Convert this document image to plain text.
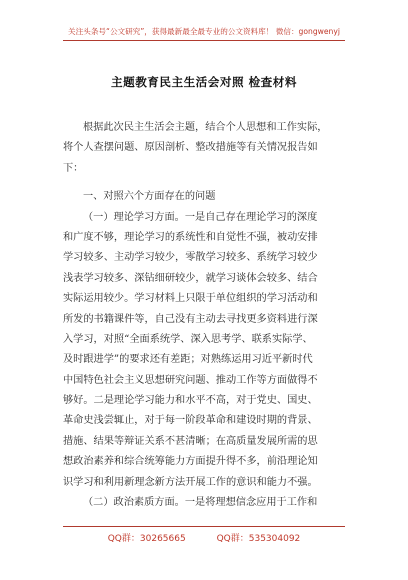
关注头条号“公文研究”，获得最新最全最专业的公文资料库！ 微信：gongwenyj
主题教育民主生活会对照 检查材料
根据此次民主生活会主题，结合个人思想和工作实际，
将个人查摆问题、原因剖析、整改措施等有关情况报告如
下：
一、对照六个方面存在的问题
（一）理论学习方面。一是自己存在理论学习的深度
和广度不够，理论学习的系统性和自觉性不强，被动安排
学习较多、主动学习较少，零散学习较多、系统学习较少
浅表学习较多、深钻细研较少，就学习谈体会较多、结合
实际运用较少。学习材料上只限于单位组织的学习活动和
所发的书籍课件等，自己没有主动去寻找更多资料进行深
入学习，对照“全面系统学、深入思考学、联系实际学、
及时跟进学”的要求还有差距；对熟练运用习近平新时代
中国特色社会主义思想研究问题、推动工作等方面做得不
够好。二是理论学习能力和水平不高，对于党史、国史、
革命史浅尝辄止，对于每一阶段革命和建设时期的背景、
措施、结果等辩证关系不甚清晰；在高质量发展所需的思
想政治素养和综合统筹能力方面提升得不多，前沿理论知
识学习和利用新理念新方法开展工作的意识和能力不强。
（二）政治素质方面。一是将理想信念应用于工作和
QQ群：30265665	QQ群：535304092
